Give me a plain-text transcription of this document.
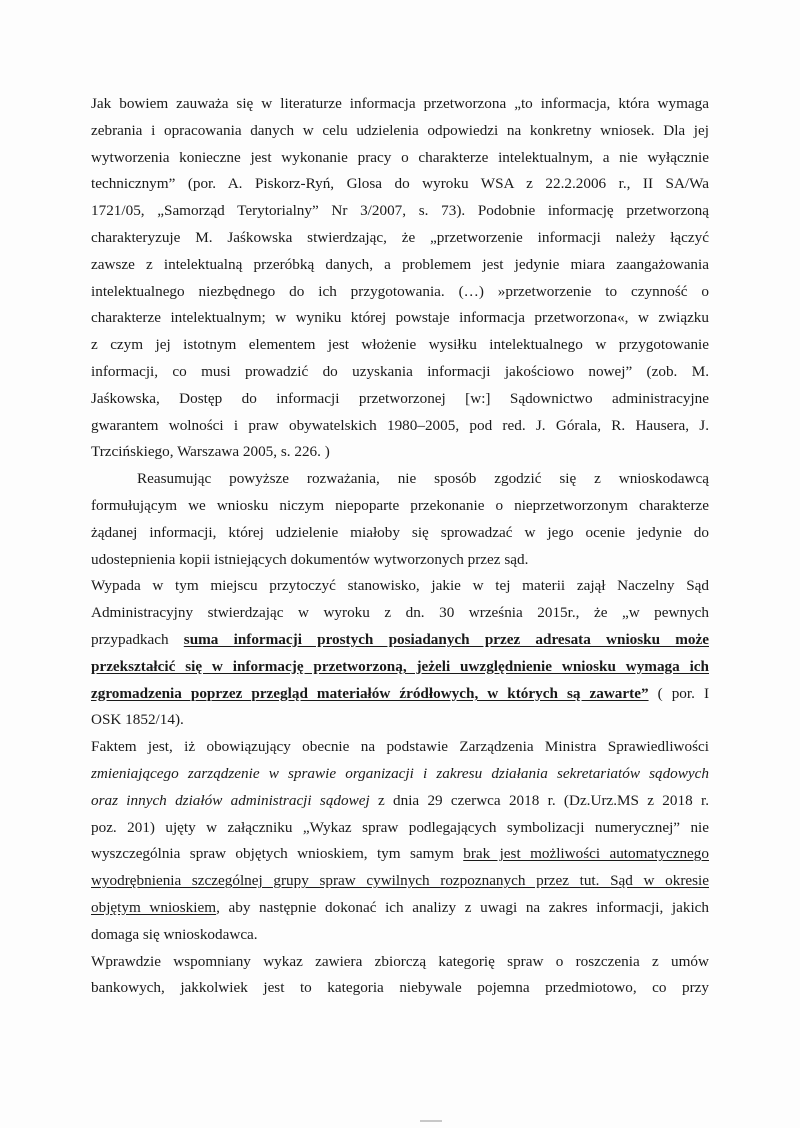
Jak bowiem zauważa się w literaturze informacja przetworzona „to informacja, która wymaga
zebrania i opracowania danych w celu udzielenia odpowiedzi na konkretny wniosek. Dla jej
wytworzenia konieczne jest wykonanie pracy o charakterze intelektualnym, a nie wyłącznie
technicznym” (por. A. Piskorz-Ryń, Glosa do wyroku WSA z 22.2.2006 r., II SA/Wa
1721/05, „Samorząd Terytorialny” Nr 3/2007, s. 73). Podobnie informację przetworzoną
charakteryzuje M. Jaśkowska stwierdzając, że „przetworzenie informacji należy łączyć
zawsze z intelektualną przeróbką danych, a problemem jest jedynie miara zaangażowania
intelektualnego niezbędnego do ich przygotowania. (…) »przetworzenie to czynność o
charakterze intelektualnym; w wyniku której powstaje informacja przetworzona«, w związku
z czym jej istotnym elementem jest włożenie wysiłku intelektualnego w przygotowanie
informacji, co musi prowadzić do uzyskania informacji jakościowo nowej” (zob. M.
Jaśkowska, Dostęp do informacji przetworzonej [w:] Sądownictwo administracyjne
gwarantem wolności i praw obywatelskich 1980–2005, pod red. J. Górala, R. Hausera, J.
Trzcińskiego, Warszawa 2005, s. 226. )
Reasumując powyższe rozważania, nie sposób zgodzić się z wnioskodawcą
formułującym we wniosku niczym niepoparte przekonanie o nieprzetworzonym charakterze
żądanej informacji, której udzielenie miałoby się sprowadzać w jego ocenie jedynie do
udostepnienia kopii istniejących dokumentów wytworzonych przez sąd.
Wypada w tym miejscu przytoczyć stanowisko, jakie w tej materii zajął Naczelny Sąd
Administracyjny stwierdzając w wyroku z dn. 30 września 2015r., że „w pewnych
przypadkach suma informacji prostych posiadanych przez adresata wniosku może
przekształcić się w informację przetworzoną, jeżeli uwzględnienie wniosku wymaga ich
zgromadzenia poprzez przegląd materiałów źródłowych, w których są zawarte” ( por. I
OSK 1852/14).
Faktem jest, iż obowiązujący obecnie na podstawie Zarządzenia Ministra Sprawiedliwości
zmieniającego zarządzenie w sprawie organizacji i zakresu działania sekretariatów sądowych
oraz innych działów administracji sądowej z dnia 29 czerwca 2018 r. (Dz.Urz.MS z 2018 r.
poz. 201) ujęty w załączniku „Wykaz spraw podlegających symbolizacji numerycznej” nie
wyszczególnia spraw objętych wnioskiem, tym samym brak jest możliwości automatycznego
wyodrębnienia szczególnej grupy spraw cywilnych rozpoznanych przez tut. Sąd w okresie
objętym wnioskiem, aby następnie dokonać ich analizy z uwagi na zakres informacji, jakich
domaga się wnioskodawca.
Wprawdzie wspomniany wykaz zawiera zbiorczą kategorię spraw o roszczenia z umów
bankowych, jakkolwiek jest to kategoria niebywale pojemna przedmiotowo, co przy
